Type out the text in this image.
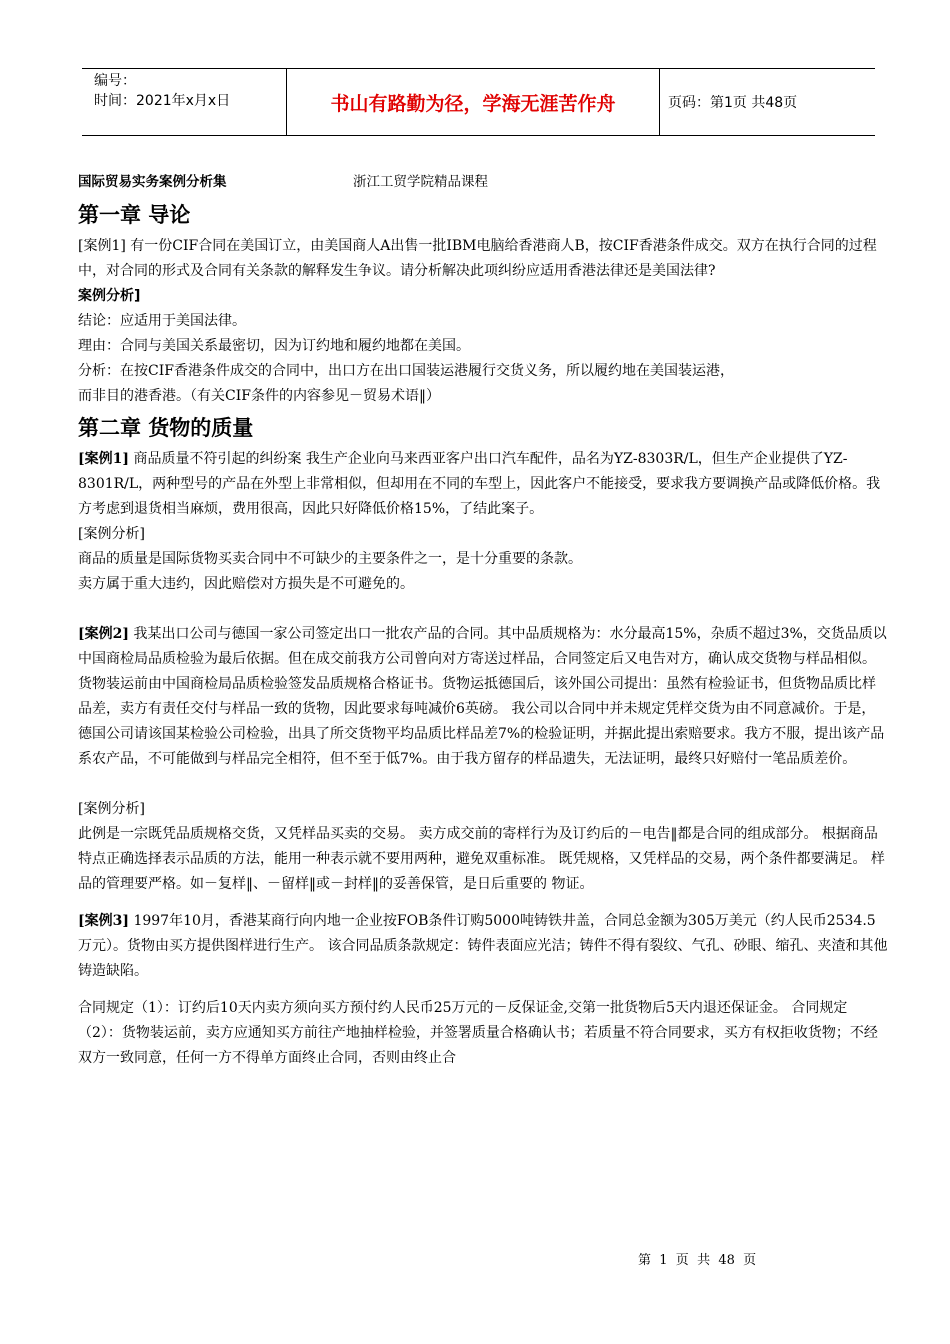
编号：
时间：2021年x月x日	书山有路勤为径，学海无涯苦作舟	页码：第1页 共48页
国际贸易实务案例分析集	浙江工贸学院精品课程
第一章 导论

[案例1] 有一份CIF合同在美国订立，由美国商人A出售一批IBM电脑给香港商人B，按CIF香港条件成交。双方在执行合同的过程中，对合同的形式及合同有关条款的解释发生争议。请分析解决此项纠纷应适用香港法律还是美国法律?

案例分析]

结论：应适用于美国法律。

理由：合同与美国关系最密切，因为订约地和履约地都在美国。

分析：在按CIF香港条件成交的合同中，出口方在出口国装运港履行交货义务，所以履约地在美国装运港，

而非目的港香港。（有关CIF条件的内容参见－贸易术语‖）

第二章 货物的质量

[案例1] 商品质量不符引起的纠纷案 我生产企业向马来西亚客户出口汽车配件，品名为YZ-8303R/L，但生产企业提供了YZ-8301R/L，两种型号的产品在外型上非常相似，但却用在不同的车型上，因此客户不能接受，要求我方要调换产品或降低价格。我方考虑到退货相当麻烦，费用很高，因此只好降低价格15%，了结此案子。

[案例分析]

商品的质量是国际货物买卖合同中不可缺少的主要条件之一，是十分重要的条款。

卖方属于重大违约，因此赔偿对方损失是不可避免的。

[案例2] 我某出口公司与德国一家公司签定出口一批农产品的合同。其中品质规格为：水分最高15%，杂质不超过3%，交货品质以中国商检局品质检验为最后依据。但在成交前我方公司曾向对方寄送过样品，合同签定后又电告对方，确认成交货物与样品相似。货物装运前由中国商检局品质检验签发品质规格合格证书。货物运抵德国后，该外国公司提出：虽然有检验证书，但货物品质比样品差，卖方有责任交付与样品一致的货物，因此要求每吨减价6英磅。 我公司以合同中并未规定凭样交货为由不同意减价。于是，德国公司请该国某检验公司检验，出具了所交货物平均品质比样品差7%的检验证明，并据此提出索赔要求。我方不服，提出该产品系农产品，不可能做到与样品完全相符，但不至于低7%。由于我方留存的样品遗失，无法证明，最终只好赔付一笔品质差价。

[案例分析]

此例是一宗既凭品质规格交货，又凭样品买卖的交易。 卖方成交前的寄样行为及订约后的－电告‖都是合同的组成部分。 根据商品特点正确选择表示品质的方法，能用一种表示就不要用两种，避免双重标准。 既凭规格，又凭样品的交易，两个条件都要满足。 样品的管理要严格。如－复样‖、－留样‖或－封样‖的妥善保管，是日后重要的 物证。

[案例3] 1997年10月，香港某商行向内地一企业按FOB条件订购5000吨铸铁井盖，合同总金额为305万美元（约人民币2534.5万元）。货物由买方提供图样进行生产。 该合同品质条款规定：铸件表面应光洁；铸件不得有裂纹、气孔、砂眼、缩孔、夹渣和其他铸造缺陷。

合同规定（1）：订约后10天内卖方须向买方预付约人民币25万元的－反保证金,交第一批货物后5天内退还保证金。 合同规定（2）：货物装运前，卖方应通知买方前往产地抽样检验，并签署质量合格确认书；若质量不符合同要求，买方有权拒收货物；不经双方一致同意，任何一方不得单方面终止合同，否则由终止合

第  1  页  共  48  页
